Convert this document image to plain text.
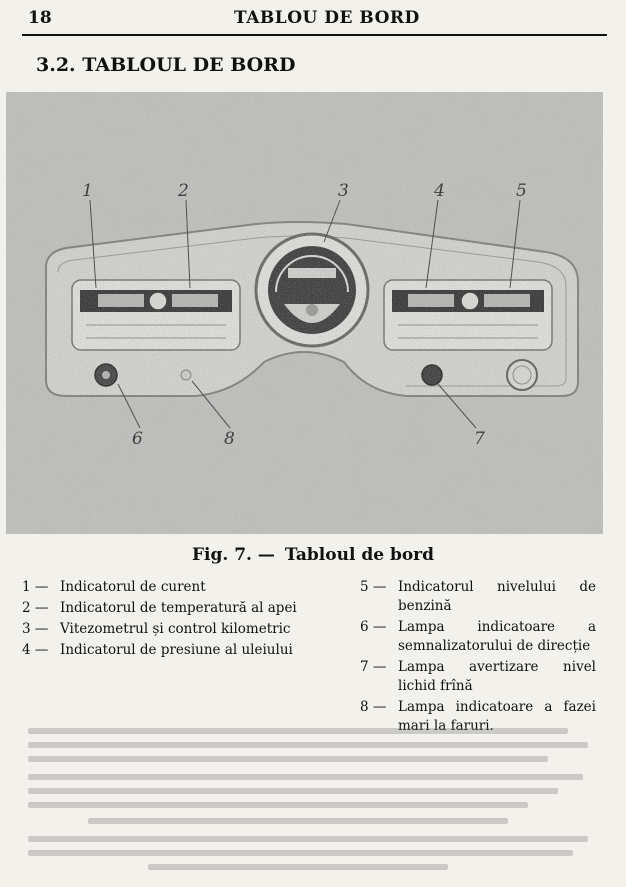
18	TABLOU DE BORD
3.2. TABLOUL DE BORD
Fig. 7. — Tabloul de bord
1 — Indicatorul de curent
2 — Indicatorul de temperatură al apei
3 — Vitezometrul și control kilometric
4 — Indicatorul de presiune al uleiului
5 — Indicatorul nivelului de benzină
6 — Lampa indicatoare a semnalizatorului de direcție
7 — Lampa avertizare nivel lichid frînă
8 — Lampa indicatoare a fazei mari la faruri.
